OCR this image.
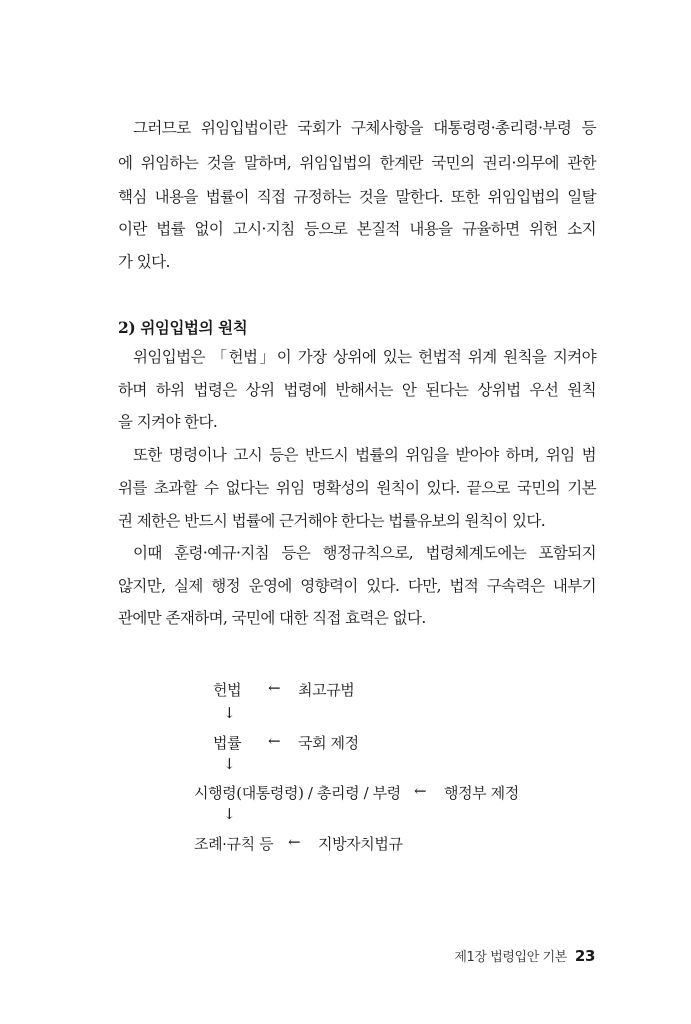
그러므로 위임입법이란 국회가 구체사항을 대통령령·총리령·부령 등
에 위임하는 것을 말하며, 위임입법의 한계란 국민의 권리·의무에 관한
핵심 내용을 법률이 직접 규정하는 것을 말한다. 또한 위임입법의 일탈
이란 법률 없이 고시·지침 등으로 본질적 내용을 규율하면 위헌 소지
가 있다.
2) 위임입법의 원칙
위임입법은 「헌법」이 가장 상위에 있는 헌법적 위계 원칙을 지켜야
하며 하위 법령은 상위 법령에 반해서는 안 된다는 상위법 우선 원칙
을 지켜야 한다.
또한 명령이나 고시 등은 반드시 법률의 위임을 받아야 하며, 위임 범
위를 초과할 수 없다는 위임 명확성의 원칙이 있다. 끝으로 국민의 기본
권 제한은 반드시 법률에 근거해야 한다는 법률유보의 원칙이 있다.
이때 훈령·예규·지침 등은 행정규칙으로, 법령체계도에는 포함되지
않지만, 실제 행정 운영에 영향력이 있다. 다만, 법적 구속력은 내부기
관에만 존재하며, 국민에 대한 직접 효력은 없다.
헌법 ← 최고규범
↓
법률 ← 국회 제정
↓
시행령(대통령령) / 총리령 / 부령 ← 행정부 제정
↓
조례·규칙 등 ← 지방자치법규
제1장 법령입안 기본 23
